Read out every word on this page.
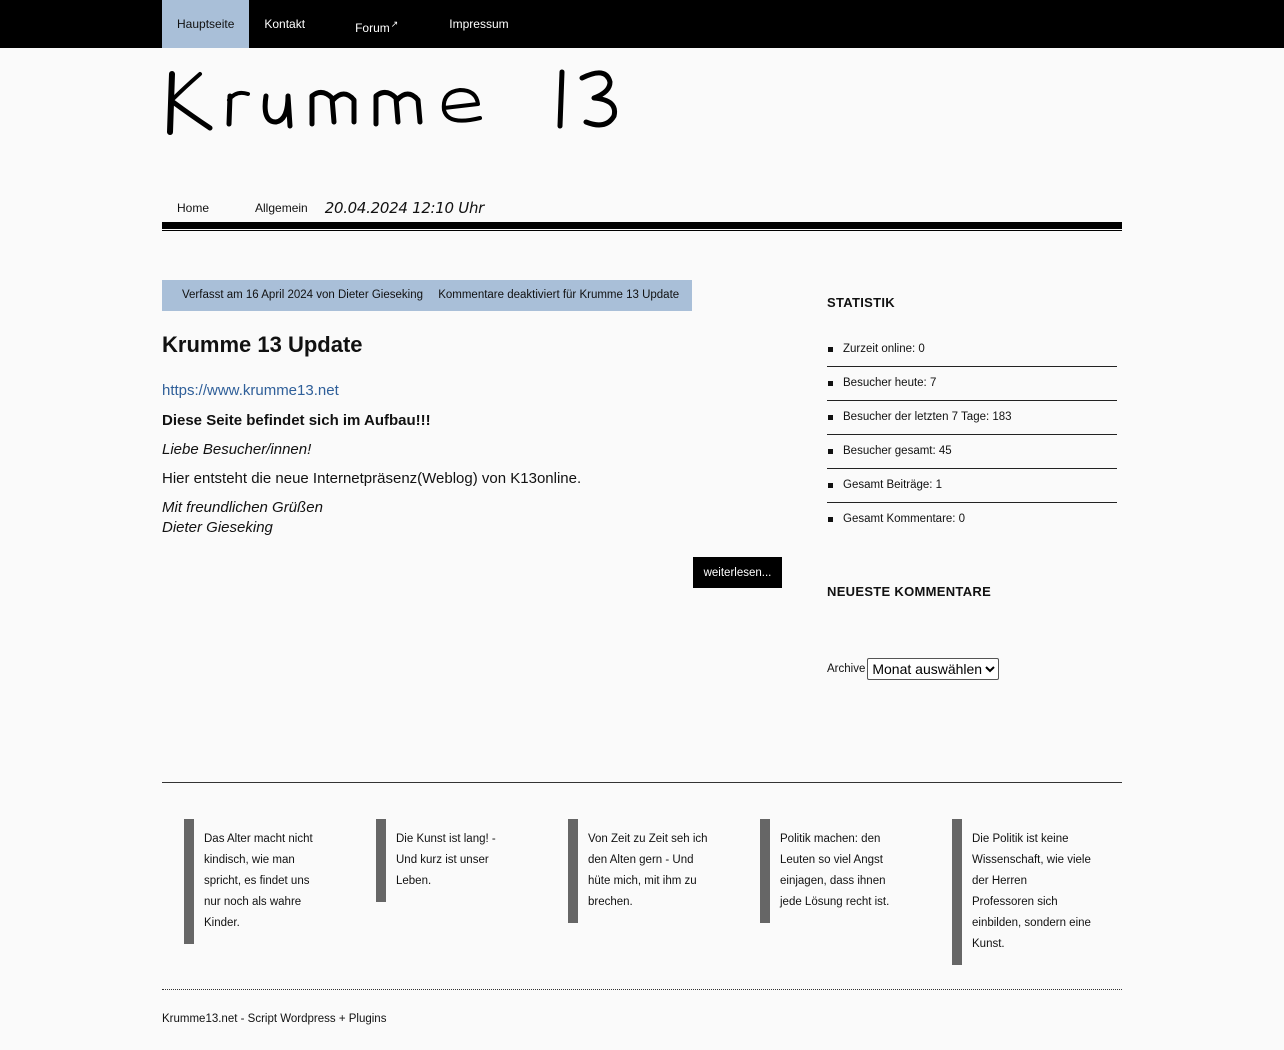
Hauptseite	Kontakt	Forum↗	Impressum
Home	Allgemein	20.04.2024 12:10 Uhr
Verfasst am 16 April 2024 von Dieter Gieseking Kommentare deaktiviert für Krumme 13 Update
Krumme 13 Update

https://www.krumme13.net

Diese Seite befindet sich im Aufbau!!!

Liebe Besucher/innen!

Hier entsteht die neue Internetpräsenz(Weblog) von K13online.

Mit freundlichen Grüßen

Dieter Gieseking

weiterlesen...
STATISTIK
Zurzeit online: 0
Besucher heute: 7
Besucher der letzten 7 Tage: 183
Besucher gesamt: 45
Gesamt Beiträge: 1
Gesamt Kommentare: 0
NEUESTE KOMMENTARE
Archive
Monat auswählen
Das Alter macht nicht kindisch, wie man spricht, es findet uns nur noch als wahre Kinder.
Die Kunst ist lang! - Und kurz ist unser Leben.
Von Zeit zu Zeit seh ich den Alten gern - Und hüte mich, mit ihm zu brechen.
Politik machen: den Leuten so viel Angst einjagen, dass ihnen jede Lösung recht ist.
Die Politik ist keine Wissenschaft, wie viele der Herren Professoren sich einbilden, sondern eine Kunst.
Krumme13.net - Script Wordpress + Plugins
